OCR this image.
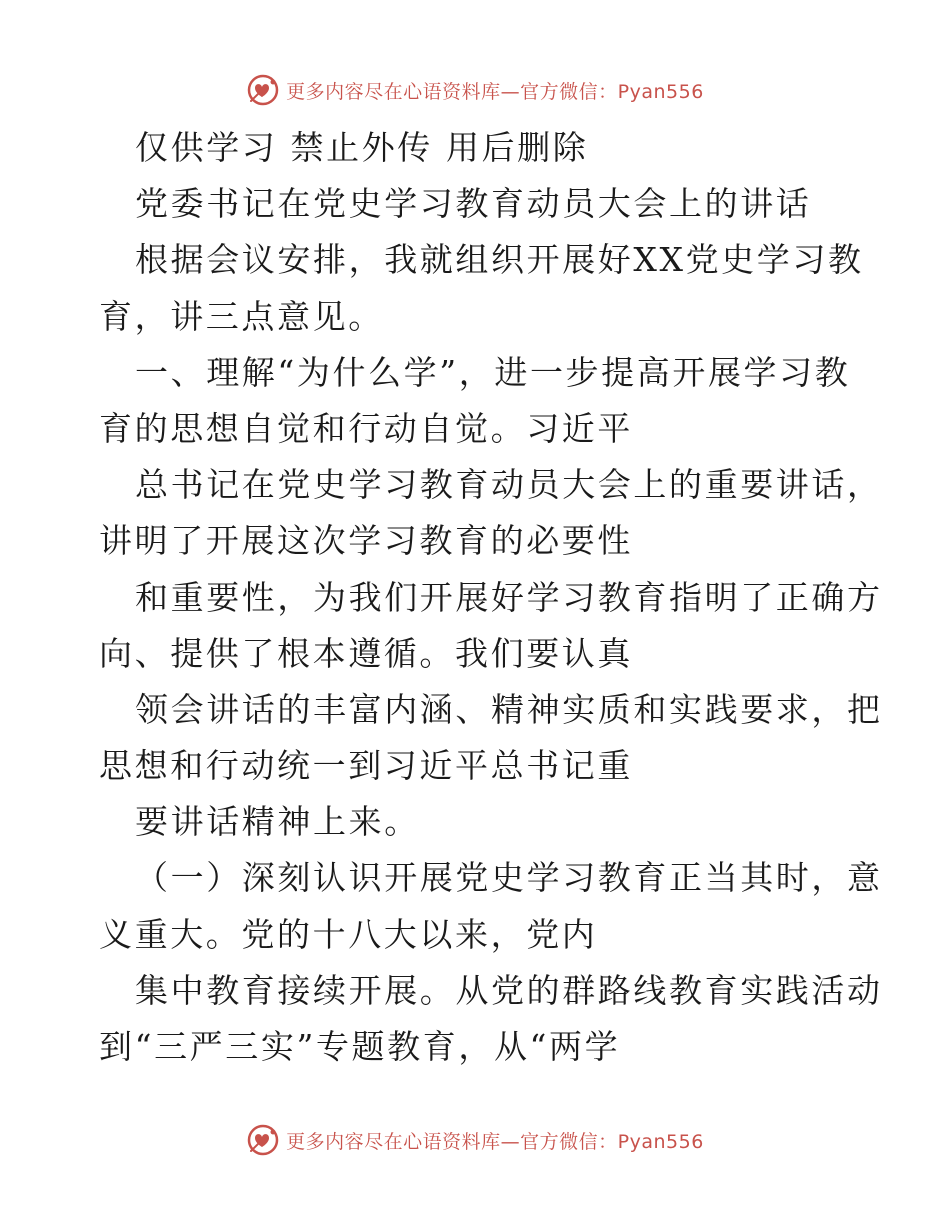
更多内容尽在心语资料库—官方微信：Pyan556
仅供学习 禁止外传 用后删除
党委书记在党史学习教育动员大会上的讲话
根据会议安排，我就组织开展好XX党史学习教
育，讲三点意见。
一、理解“为什么学”，进一步提高开展学习教
育的思想自觉和行动自觉。习近平
总书记在党史学习教育动员大会上的重要讲话，
讲明了开展这次学习教育的必要性
和重要性，为我们开展好学习教育指明了正确方
向、提供了根本遵循。我们要认真
领会讲话的丰富内涵、精神实质和实践要求，把
思想和行动统一到习近平总书记重
要讲话精神上来。
（一）深刻认识开展党史学习教育正当其时，意
义重大。党的十八大以来，党内
集中教育接续开展。从党的群路线教育实践活动
到“三严三实”专题教育，从“两学
更多内容尽在心语资料库—官方微信：Pyan556
